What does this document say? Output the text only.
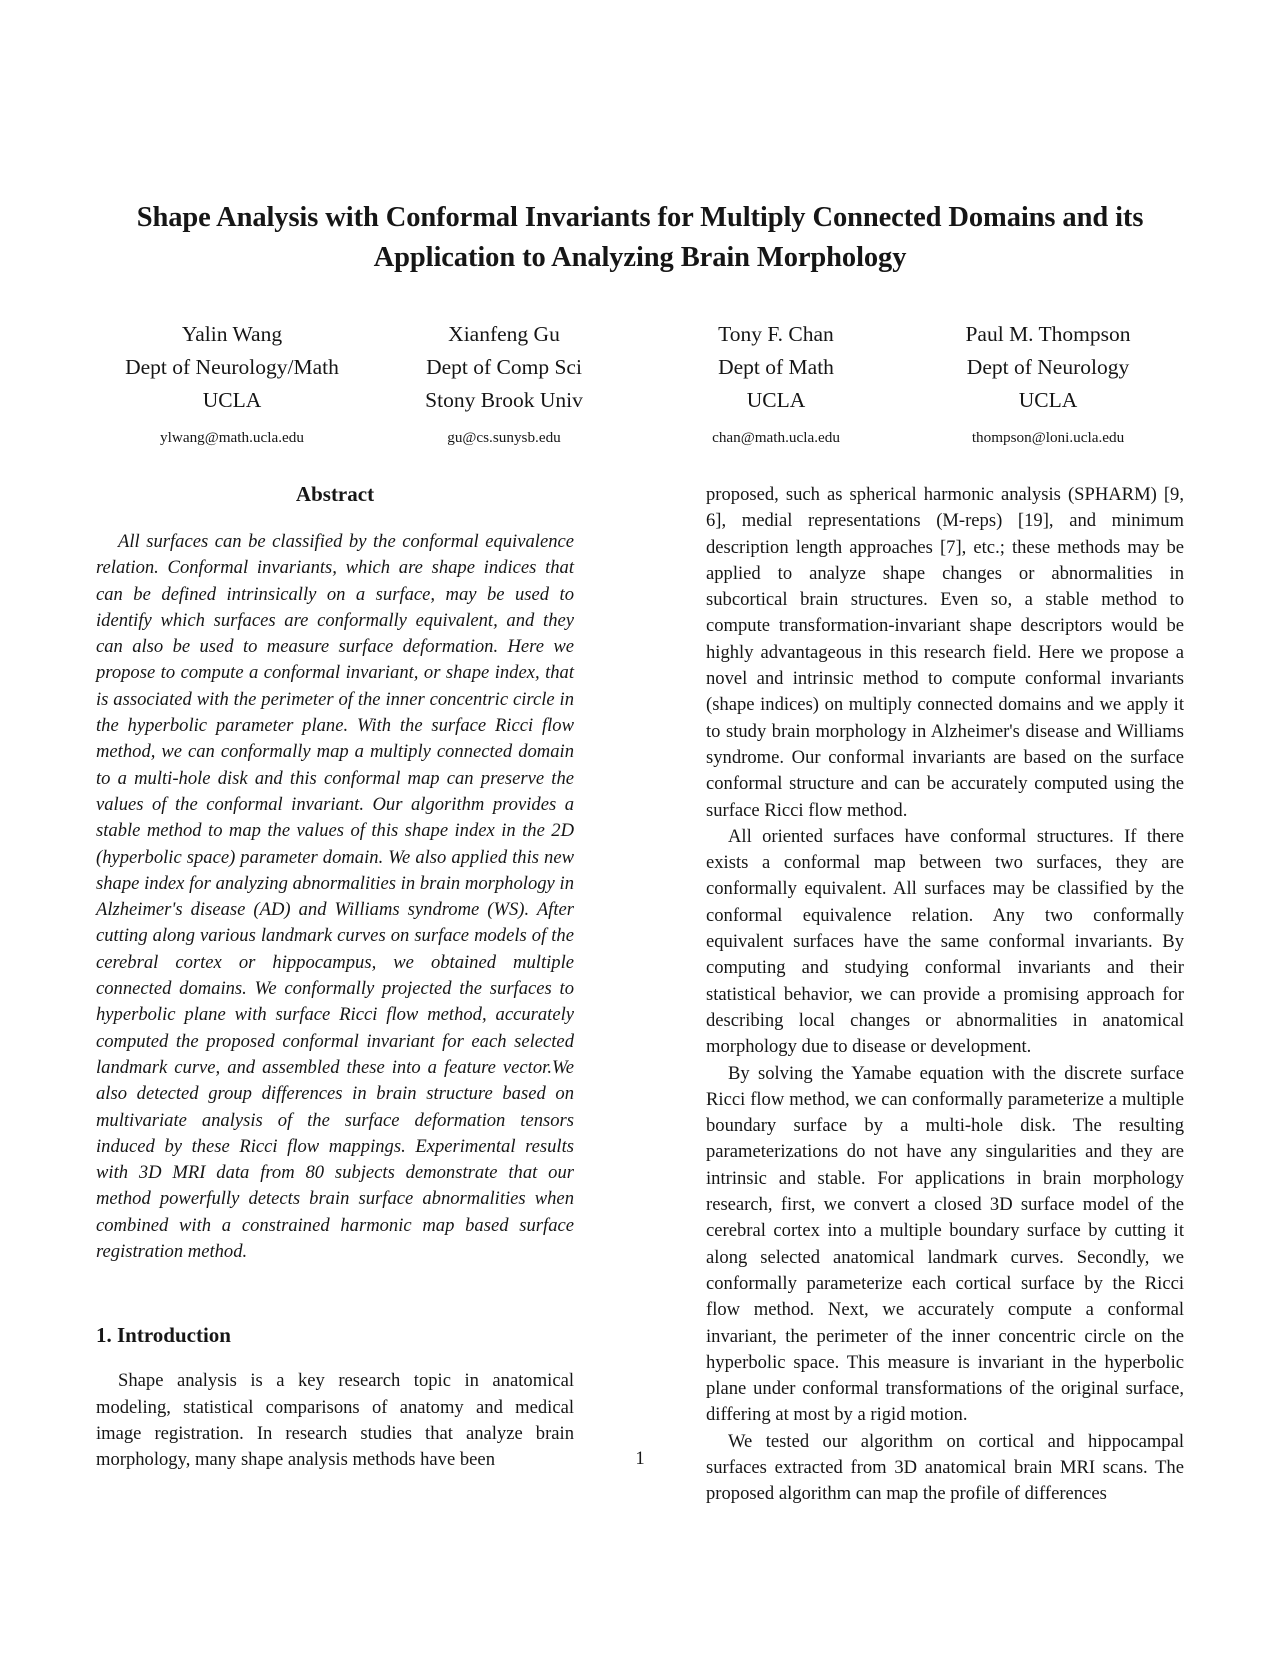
Shape Analysis with Conformal Invariants for Multiply Connected Domains and its Application to Analyzing Brain Morphology
Yalin Wang
Dept of Neurology/Math
UCLA
ylwang@math.ucla.edu
Xianfeng Gu
Dept of Comp Sci
Stony Brook Univ
gu@cs.sunysb.edu
Tony F. Chan
Dept of Math
UCLA
chan@math.ucla.edu
Paul M. Thompson
Dept of Neurology
UCLA
thompson@loni.ucla.edu
Abstract

All surfaces can be classified by the conformal equivalence relation. Conformal invariants, which are shape indices that can be defined intrinsically on a surface, may be used to identify which surfaces are conformally equivalent, and they can also be used to measure surface deformation. Here we propose to compute a conformal invariant, or shape index, that is associated with the perimeter of the inner concentric circle in the hyperbolic parameter plane. With the surface Ricci flow method, we can conformally map a multiply connected domain to a multi-hole disk and this conformal map can preserve the values of the conformal invariant. Our algorithm provides a stable method to map the values of this shape index in the 2D (hyperbolic space) parameter domain. We also applied this new shape index for analyzing abnormalities in brain morphology in Alzheimer's disease (AD) and Williams syndrome (WS). After cutting along various landmark curves on surface models of the cerebral cortex or hippocampus, we obtained multiple connected domains. We conformally projected the surfaces to hyperbolic plane with surface Ricci flow method, accurately computed the proposed conformal invariant for each selected landmark curve, and assembled these into a feature vector.We also detected group differences in brain structure based on multivariate analysis of the surface deformation tensors induced by these Ricci flow mappings. Experimental results with 3D MRI data from 80 subjects demonstrate that our method powerfully detects brain surface abnormalities when combined with a constrained harmonic map based surface registration method.

1. Introduction

Shape analysis is a key research topic in anatomical modeling, statistical comparisons of anatomy and medical image registration. In research studies that analyze brain morphology, many shape analysis methods have been

proposed, such as spherical harmonic analysis (SPHARM) [9, 6], medial representations (M-reps) [19], and minimum description length approaches [7], etc.; these methods may be applied to analyze shape changes or abnormalities in subcortical brain structures. Even so, a stable method to compute transformation-invariant shape descriptors would be highly advantageous in this research field. Here we propose a novel and intrinsic method to compute conformal invariants (shape indices) on multiply connected domains and we apply it to study brain morphology in Alzheimer's disease and Williams syndrome. Our conformal invariants are based on the surface conformal structure and can be accurately computed using the surface Ricci flow method.

All oriented surfaces have conformal structures. If there exists a conformal map between two surfaces, they are conformally equivalent. All surfaces may be classified by the conformal equivalence relation. Any two conformally equivalent surfaces have the same conformal invariants. By computing and studying conformal invariants and their statistical behavior, we can provide a promising approach for describing local changes or abnormalities in anatomical morphology due to disease or development.

By solving the Yamabe equation with the discrete surface Ricci flow method, we can conformally parameterize a multiple boundary surface by a multi-hole disk. The resulting parameterizations do not have any singularities and they are intrinsic and stable. For applications in brain morphology research, first, we convert a closed 3D surface model of the cerebral cortex into a multiple boundary surface by cutting it along selected anatomical landmark curves. Secondly, we conformally parameterize each cortical surface by the Ricci flow method. Next, we accurately compute a conformal invariant, the perimeter of the inner concentric circle on the hyperbolic space. This measure is invariant in the hyperbolic plane under conformal transformations of the original surface, differing at most by a rigid motion.

We tested our algorithm on cortical and hippocampal surfaces extracted from 3D anatomical brain MRI scans. The proposed algorithm can map the profile of differences

1
